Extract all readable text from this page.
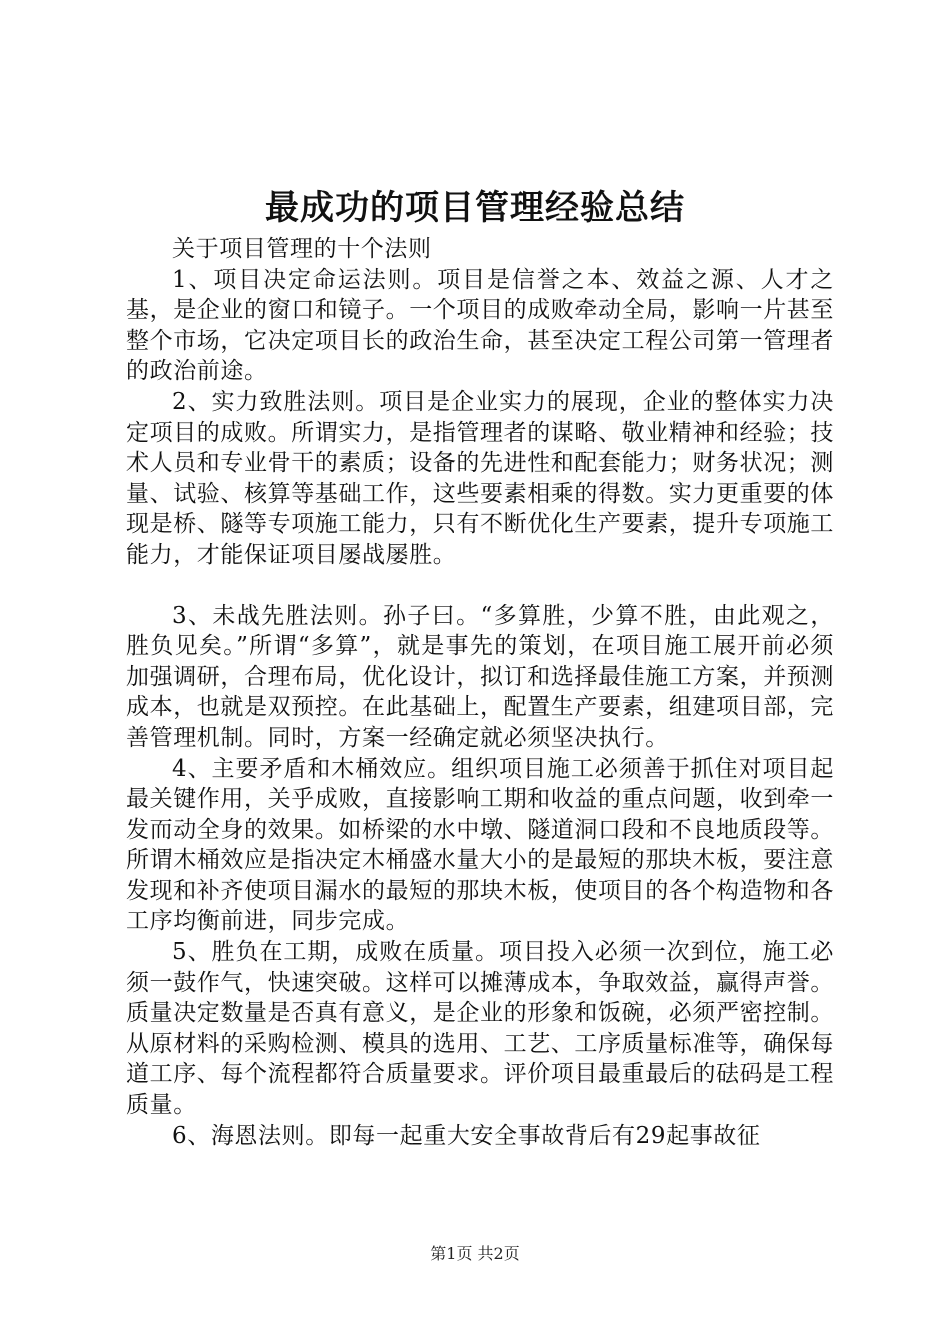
最成功的项目管理经验总结

关于项目管理的十个法则

1、项目决定命运法则。项目是信誉之本、效益之源、人才之基，是企业的窗口和镜子。一个项目的成败牵动全局，影响一片甚至整个市场，它决定项目长的政治生命，甚至决定工程公司第一管理者的政治前途。

2、实力致胜法则。项目是企业实力的展现，企业的整体实力决定项目的成败。所谓实力，是指管理者的谋略、敬业精神和经验；技术人员和专业骨干的素质；设备的先进性和配套能力；财务状况；测量、试验、核算等基础工作，这些要素相乘的得数。实力更重要的体现是桥、隧等专项施工能力，只有不断优化生产要素，提升专项施工能力，才能保证项目屡战屡胜。

3、未战先胜法则。孙子曰。“多算胜，少算不胜，由此观之，胜负见矣。”所谓“多算”，就是事先的策划，在项目施工展开前必须加强调研，合理布局，优化设计，拟订和选择最佳施工方案，并预测成本，也就是双预控。在此基础上，配置生产要素，组建项目部，完善管理机制。同时，方案一经确定就必须坚决执行。

4、主要矛盾和木桶效应。组织项目施工必须善于抓住对项目起最关键作用，关乎成败，直接影响工期和收益的重点问题，收到牵一发而动全身的效果。如桥梁的水中墩、隧道洞口段和不良地质段等。所谓木桶效应是指决定木桶盛水量大小的是最短的那块木板，要注意发现和补齐使项目漏水的最短的那块木板，使项目的各个构造物和各工序均衡前进，同步完成。

5、胜负在工期，成败在质量。项目投入必须一次到位，施工必须一鼓作气，快速突破。这样可以摊薄成本，争取效益，赢得声誉。质量决定数量是否真有意义，是企业的形象和饭碗，必须严密控制。从原材料的采购检测、模具的选用、工艺、工序质量标准等，确保每道工序、每个流程都符合质量要求。评价项目最重最后的砝码是工程质量。

6、海恩法则。即每一起重大安全事故背后有29起事故征

第1页 共2页
